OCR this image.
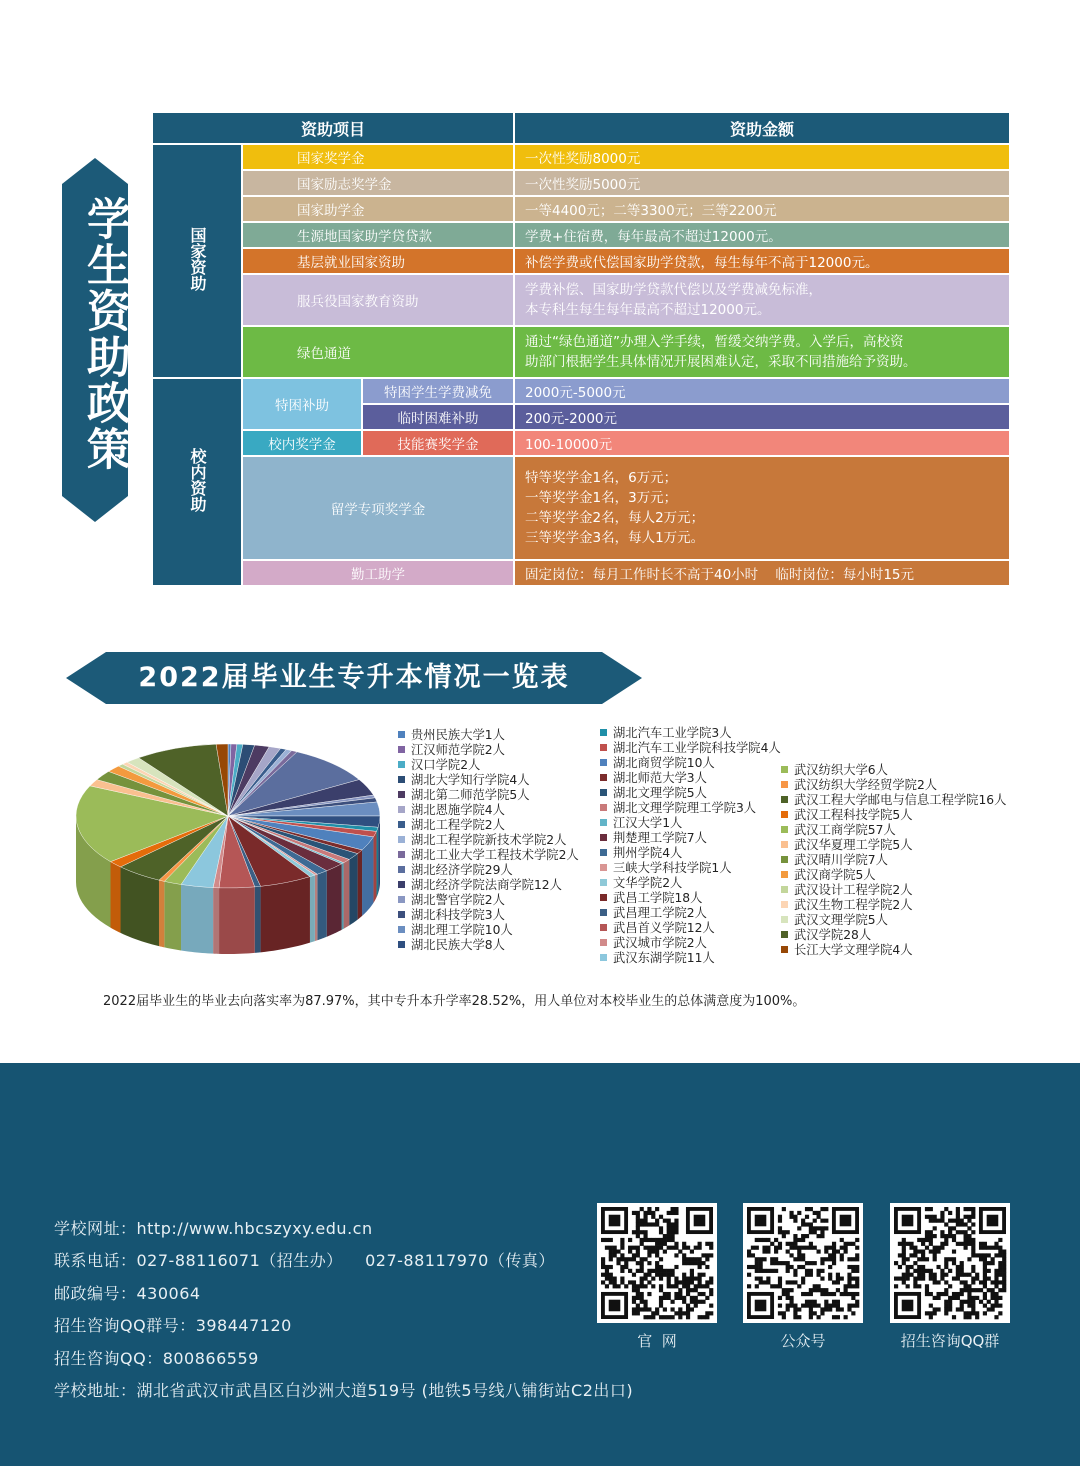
学生资助政策
资助项目			资助金额
国家资助	国家奖学金		一次性奖励8000元
	国家励志奖学金		一次性奖励5000元
	国家助学金		一等4400元；二等3300元；三等2200元
	生源地国家助学贷贷款		学费+住宿费，每年最高不超过12000元。
	基层就业国家资助		补偿学费或代偿国家助学贷款，每生每年不高于12000元。
	服兵役国家教育资助		学费补偿、国家助学贷款代偿以及学费减免标准，
本专科生每生每年最高不超过12000元。

	绿色通道		通过“绿色通道”办理入学手续，暂缓交纳学费。入学后，高校资
助部门根据学生具体情况开展困难认定，采取不同措施给予资助。

校内资助	特困补助	特困学生学费减免	2000元-5000元
		临时困难补助	200元-2000元
	校内奖学金	技能赛奖学金	100-10000元
	留学专项奖学金		特等奖学金1名，6万元；
一等奖学金1名，3万元；
二等奖学金2名，每人2万元；
三等奖学金3名，每人1万元。

	勤工助学		固定岗位：每月工作时长不高于40小时    临时岗位：每小时15元
2022届毕业生专升本情况一览表
贵州民族大学1人
江汉师范学院2人
汉口学院2人
湖北大学知行学院4人
湖北第二师范学院5人
湖北恩施学院4人
湖北工程学院2人
湖北工程学院新技术学院2人
湖北工业大学工程技术学院2人
湖北经济学院29人
湖北经济学院法商学院12人
湖北警官学院2人
湖北科技学院3人
湖北理工学院10人
湖北民族大学8人
湖北汽车工业学院3人
湖北汽车工业学院科技学院4人
湖北商贸学院10人
湖北师范大学3人
湖北文理学院5人
湖北文理学院理工学院3人
江汉大学1人
荆楚理工学院7人
荆州学院4人
三峡大学科技学院1人
文华学院2人
武昌工学院18人
武昌理工学院2人
武昌首义学院12人
武汉城市学院2人
武汉东湖学院11人
武汉纺织大学6人
武汉纺织大学经贸学院2人
武汉工程大学邮电与信息工程学院16人
武汉工程科技学院5人
武汉工商学院57人
武汉华夏理工学院5人
武汉晴川学院7人
武汉商学院5人
武汉设计工程学院2人
武汉生物工程学院2人
武汉文理学院5人
武汉学院28人
长江大学文理学院4人
2022届毕业生的毕业去向落实率为87.97%，其中专升本升学率28.52%，用人单位对本校毕业生的总体满意度为100%。
学校网址：http://www.hbcszyxy.edu.cn
联系电话：027-88116071（招生办）    027-88117970（传真）
邮政编号：430064
招生咨询QQ群号：398447120
招生咨询QQ：800866559
学校地址：湖北省武汉市武昌区白沙洲大道519号 (地铁5号线八铺街站C2出口)
官  网	公众号	招生咨询QQ群
